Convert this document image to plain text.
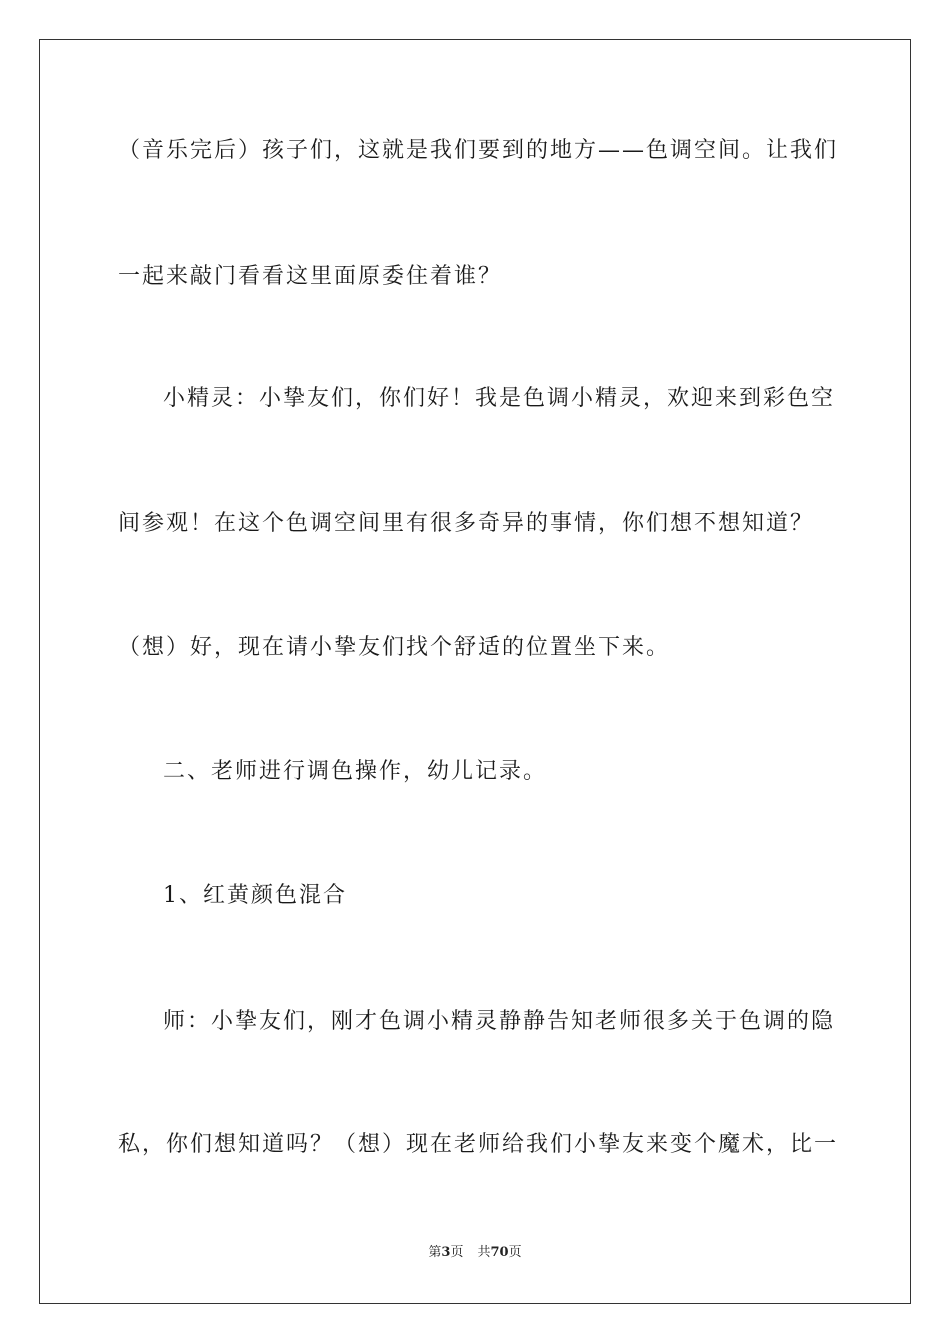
（音乐完后）孩子们，这就是我们要到的地方——色调空间。让我们
一起来敲门看看这里面原委住着谁？
小精灵：小挚友们，你们好！我是色调小精灵，欢迎来到彩色空
间参观！在这个色调空间里有很多奇异的事情，你们想不想知道？
（想）好，现在请小挚友们找个舒适的位置坐下来。
二、老师进行调色操作，幼儿记录。
1、红黄颜色混合
师：小挚友们，刚才色调小精灵静静告知老师很多关于色调的隐
私，你们想知道吗？（想）现在老师给我们小挚友来变个魔术，比一
第3页 共70页
